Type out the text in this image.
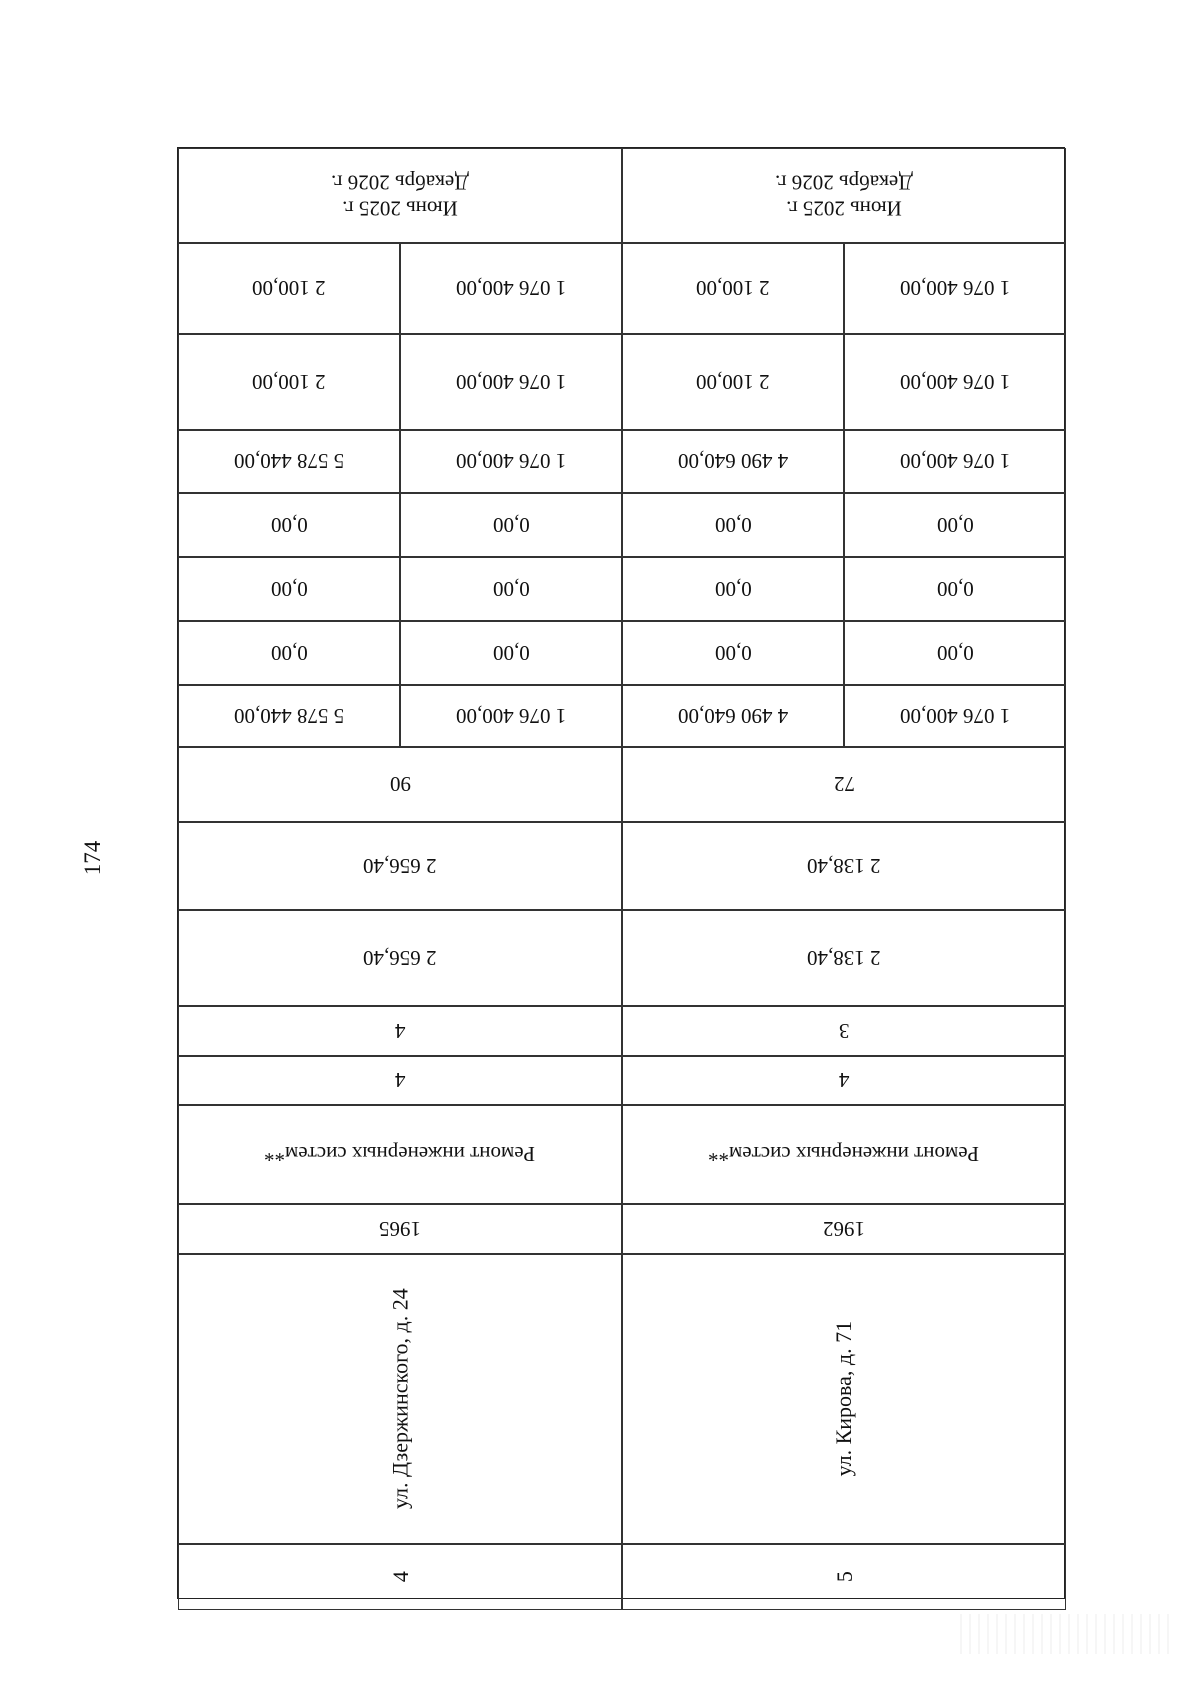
174
Июнь 2025 г.
Декабрь 2026 г.
Июнь 2025 г.
Декабрь 2026 г.
2 100,00	1 076 400,00	2 100,00	1 076 400,00
2 100,00	1 076 400,00	2 100,00	1 076 400,00
5 578 440,00	1 076 400,00	4 490 640,00	1 076 400,00
0,00	0,00	0,00	0,00
0,00	0,00	0,00	0,00
0,00	0,00	0,00	0,00
5 578 440,00	1 076 400,00	4 490 640,00	1 076 400,00
90	72
2 656,40	2 138,40
2 656,40	2 138,40
4	3
4	4
Ремонт инженерных систем**	Ремонт инженерных систем**
1965	1962
ул. Дзержинского, д. 24	ул. Кирова, д. 71
4	5
